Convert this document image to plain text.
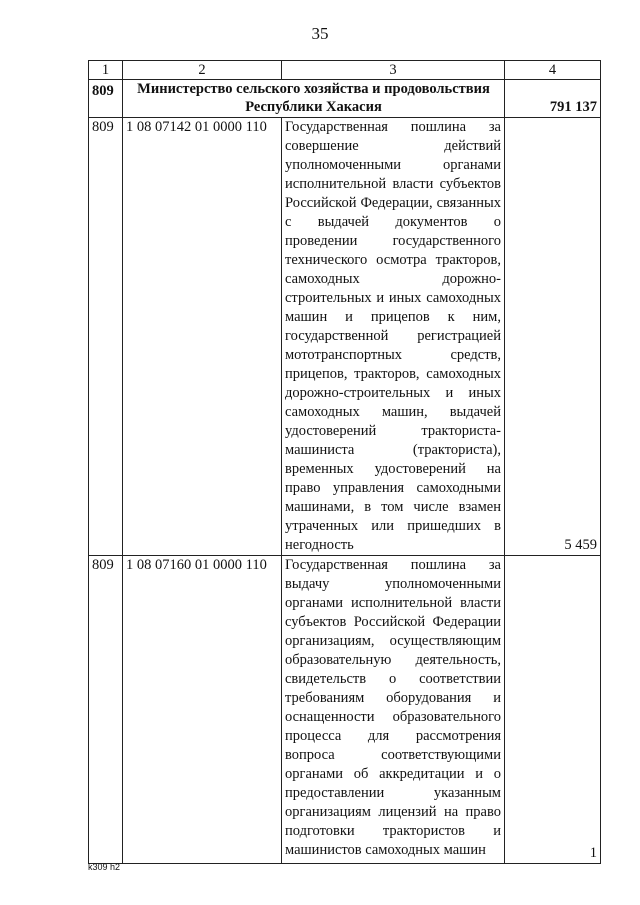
35
1	2	3	4
809	Министерство сельского хозяйства и продовольствия Республики Хакасия		791 137
809	1 08 07142 01 0000 110	Государственная пошлина за совершение действий уполномоченными органами исполнительной власти субъектов Российской Федерации, связанных с выдачей документов о проведении государственного технического осмотра тракторов, самоходных дорожно-строительных и иных самоходных машин и прицепов к ним, государственной регистрацией мототранспортных средств, прицепов, тракторов, самоходных дорожно-строительных и иных самоходных машин, выдачей удостоверений тракториста-машиниста (тракториста), временных удостоверений на право управления самоходными машинами, в том числе взамен утраченных или пришедших в негодность	5 459
809	1 08 07160 01 0000 110	Государственная пошлина за выдачу уполномоченными органами исполнительной власти субъектов Российской Федерации организациям, осуществляющим образовательную деятельность, свидетельств о соответствии требованиям оборудования и оснащенности образовательного процесса для рассмотрения вопроса соответствующими органами об аккредитации и о предоставлении указанным организациям лицензий на право подготовки трактористов и машинистов самоходных машин	1
k309 h2
